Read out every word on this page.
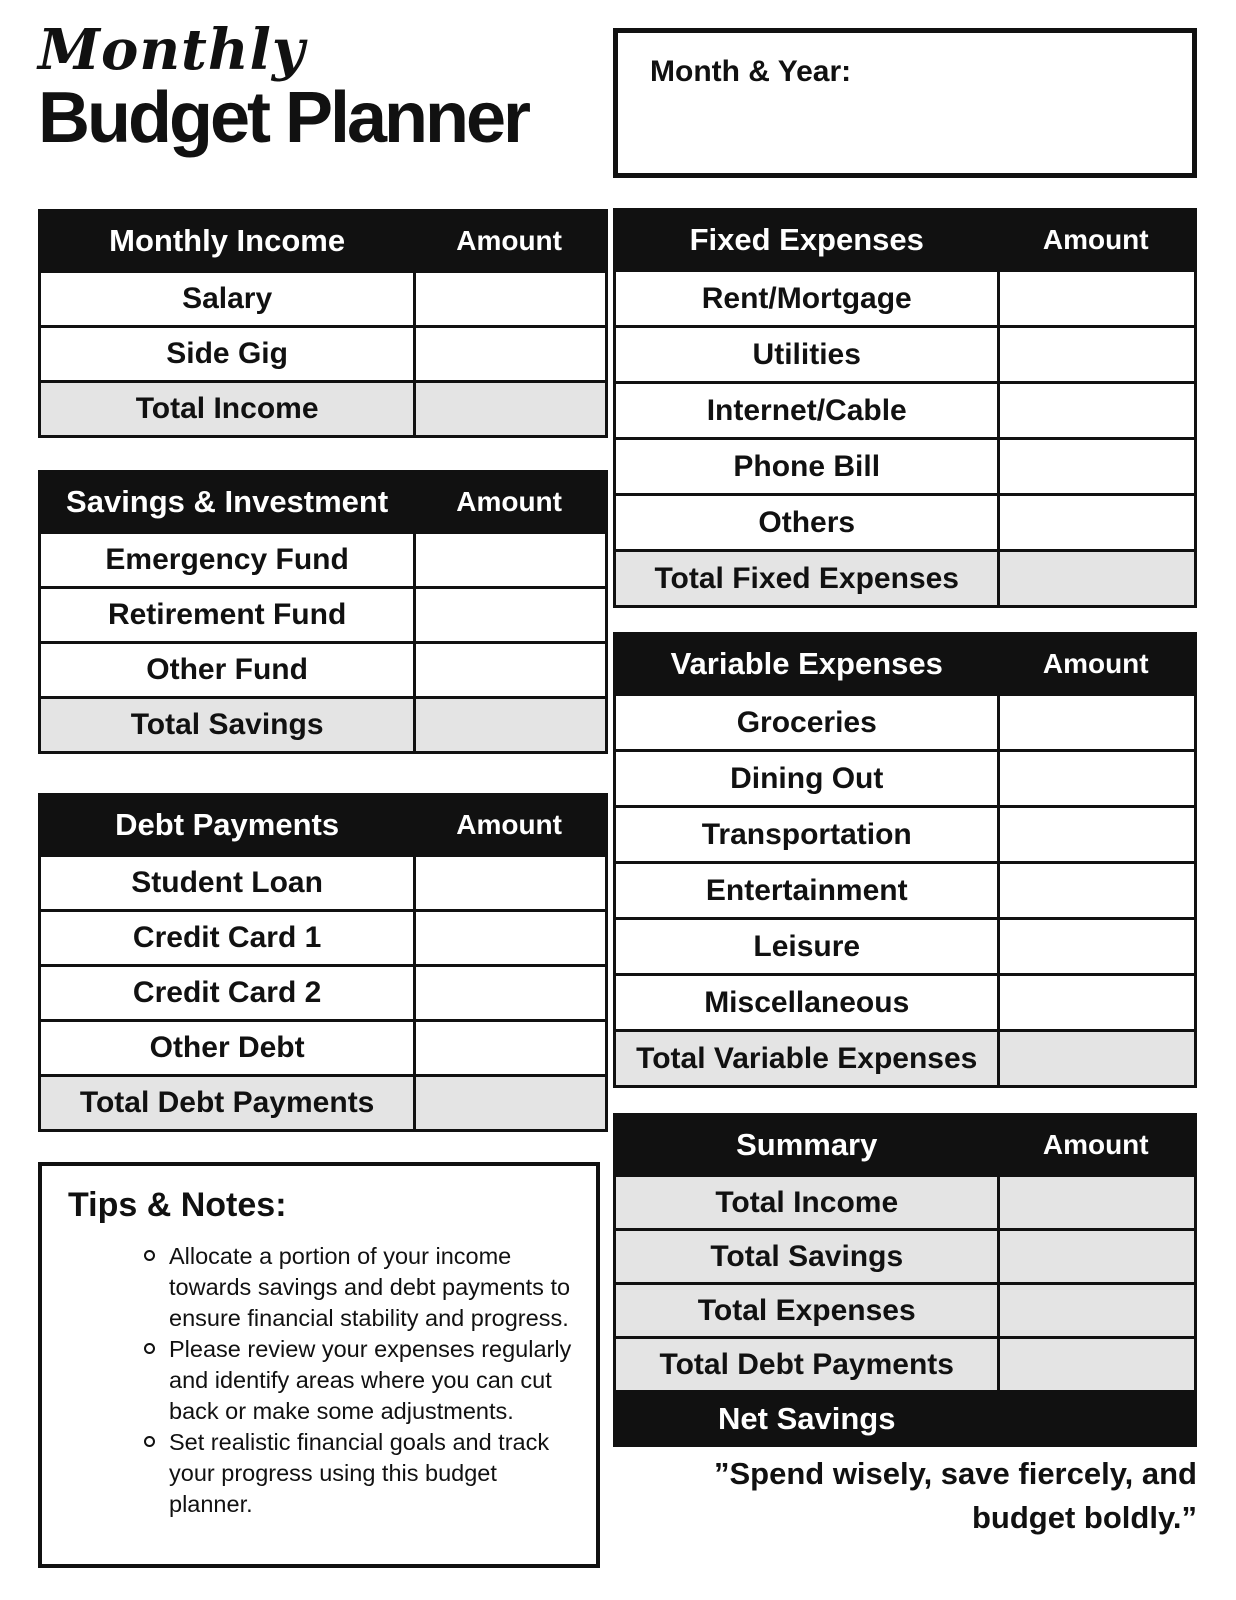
Monthly
Budget Planner
Month & Year:
Monthly Income	Amount
Salary
Side Gig
Total Income
Savings & Investment	Amount
Emergency Fund
Retirement Fund
Other Fund
Total Savings
Debt Payments	Amount
Student Loan
Credit Card 1
Credit Card 2
Other Debt
Total Debt Payments
Fixed Expenses	Amount
Rent/Mortgage
Utilities
Internet/Cable
Phone Bill
Others
Total Fixed Expenses
Variable Expenses	Amount
Groceries
Dining Out
Transportation
Entertainment
Leisure
Miscellaneous
Total Variable Expenses
Summary	Amount
Total Income
Total Savings
Total Expenses
Total Debt Payments
Net Savings
Tips & Notes:
Allocate a portion of your income towards savings and debt payments to ensure financial stability and progress.
Please review your expenses regularly and identify areas where you can cut back or make some adjustments.
Set realistic financial goals and track your progress using this budget planner.
”Spend wisely, save fiercely, and
budget boldly.”
